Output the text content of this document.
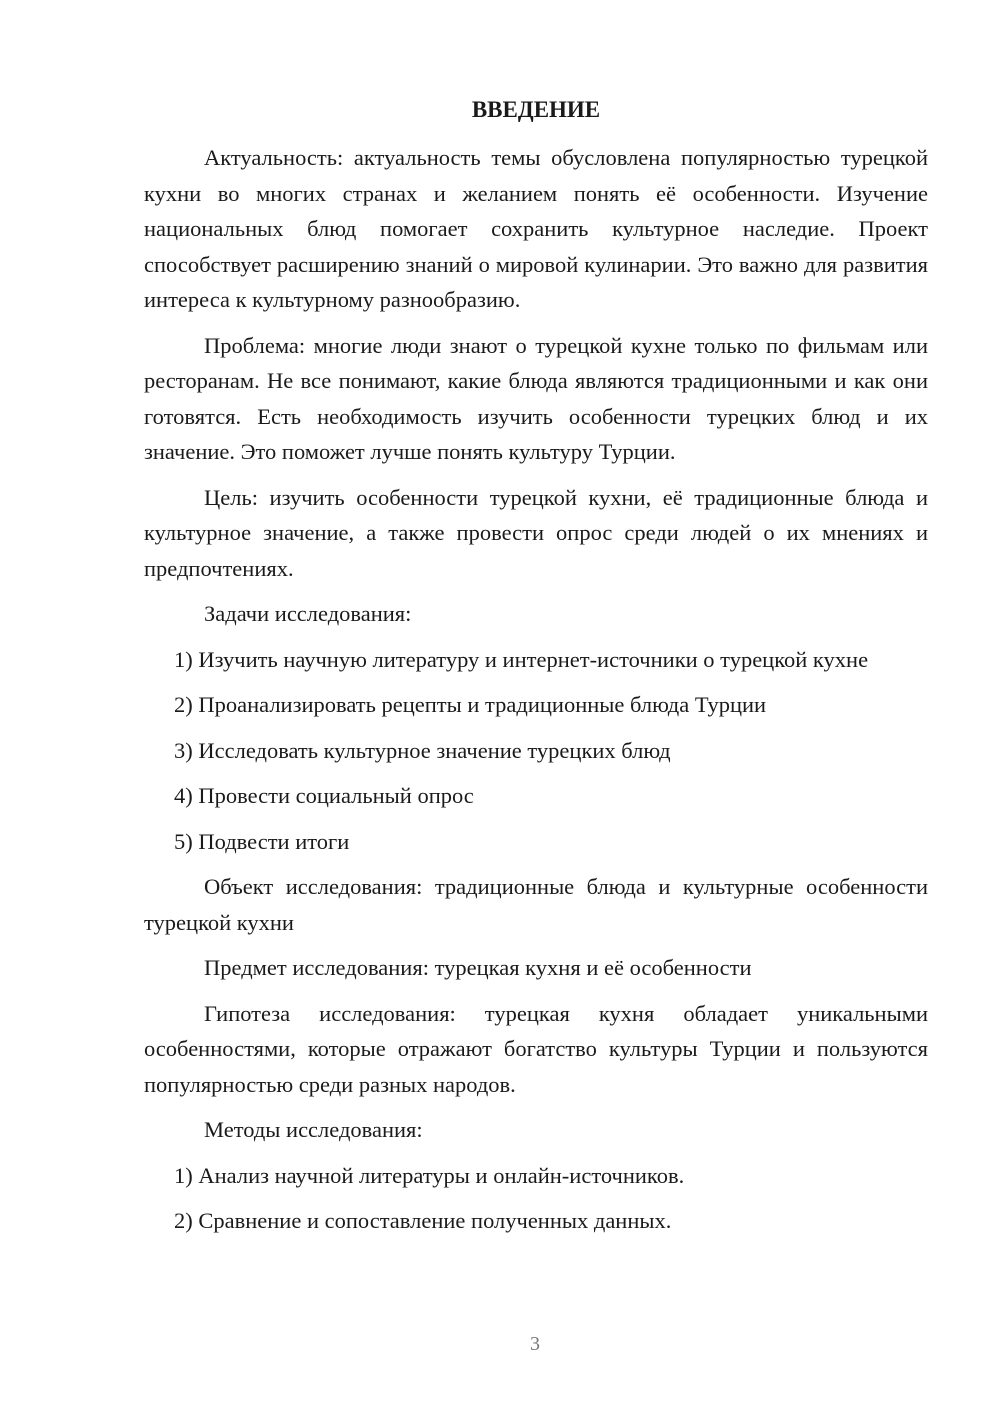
ВВЕДЕНИЕ

Актуальность: актуальность темы обусловлена популярностью турецкой кухни во многих странах и желанием понять её особенности. Изучение национальных блюд помогает сохранить культурное наследие. Проект способствует расширению знаний о мировой кулинарии. Это важно для развития интереса к культурному разнообразию.

Проблема: многие люди знают о турецкой кухне только по фильмам или ресторанам. Не все понимают, какие блюда являются традиционными и как они готовятся. Есть необходимость изучить особенности турецких блюд и их значение. Это поможет лучше понять культуру Турции.

Цель: изучить особенности турецкой кухни, её традиционные блюда и культурное значение, а также провести опрос среди людей о их мнениях и предпочтениях.

Задачи исследования:

1) Изучить научную литературу и интернет-источники о турецкой кухне

2) Проанализировать рецепты и традиционные блюда Турции

3) Исследовать культурное значение турецких блюд

4) Провести социальный опрос

5) Подвести итоги

Объект исследования: традиционные блюда и культурные особенности турецкой кухни

Предмет исследования: турецкая кухня и её особенности

Гипотеза исследования: турецкая кухня обладает уникальными особенностями, которые отражают богатство культуры Турции и пользуются популярностью среди разных народов.

Методы исследования:

1) Анализ научной литературы и онлайн-источников.

2) Сравнение и сопоставление полученных данных.

3
